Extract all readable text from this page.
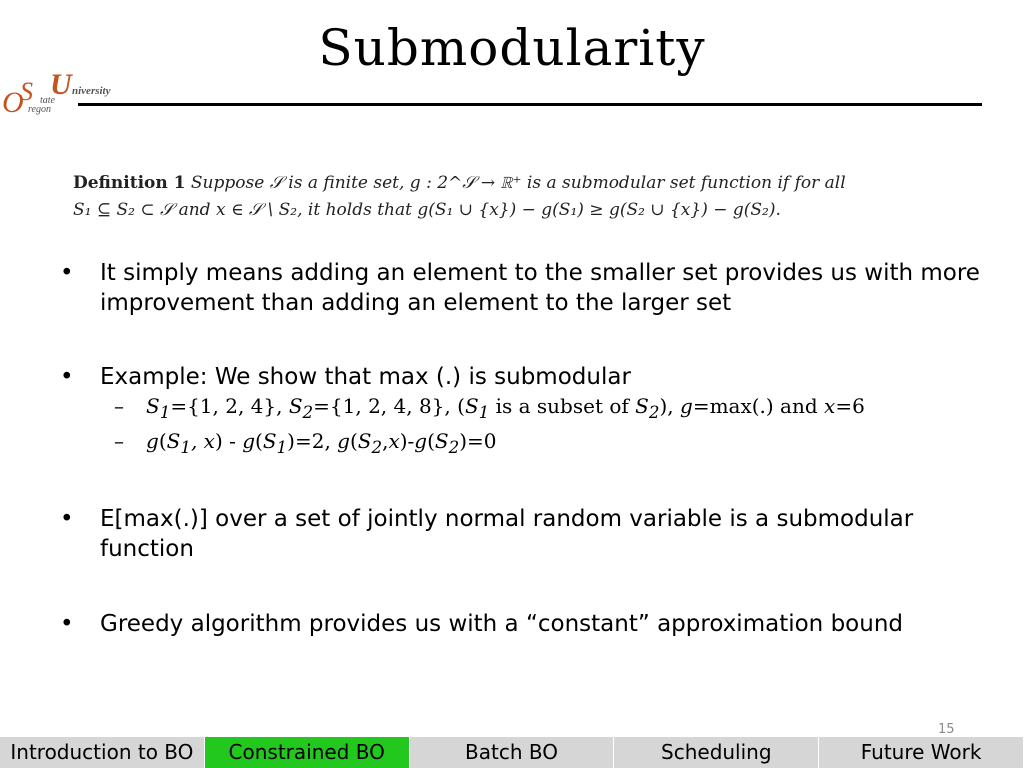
Submodularity
O
S U niversity
tate
regon
Definition 1 Suppose 𝒮 is a finite set, g : 2^𝒮 → ℝ⁺ is a submodular set function if for all
S₁ ⊆ S₂ ⊂ 𝒮 and x ∈ 𝒮 \ S₂, it holds that g(S₁ ∪ {x}) − g(S₁) ≥ g(S₂ ∪ {x}) − g(S₂).
• It simply means adding an element to the smaller set provides us with more improvement than adding an element to the larger set
• Example: We show that max (.) is submodular
– $S_1=\{1$, 2, 4}, $S_2=\{1$, 2, 4, 8}, ($S_1$ is a subset of $S_2$), g=max(.) and x=6
– $g(S_1$, $x) - g(S_1)=2$, $g(S_2,x)-g(S_2)=0$
• E[max(.)] over a set of jointly normal random variable is a submodular function
• Greedy algorithm provides us with a “constant” approximation bound
15
Introduction to BO	Constrained BO	Batch BO	Scheduling	Future Work
